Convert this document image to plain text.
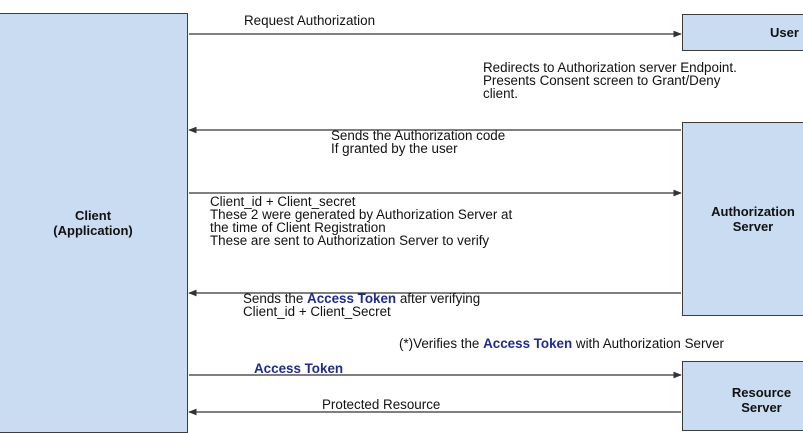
Client
(Application)
User
Authorization Server
Resource Server
Request Authorization
Redirects to Authorization server Endpoint.
Presents Consent screen to Grant/Deny
client.
Sends the Authorization code
If granted by the user
Client_id + Client_secret
These 2 were generated by Authorization Server at
the time of Client Registration
These are sent to Authorization Server to verify
Sends the Access Token after verifying
Client_id + Client_Secret
(*)Verifies the Access Token with Authorization Server
Access Token
Protected Resource
